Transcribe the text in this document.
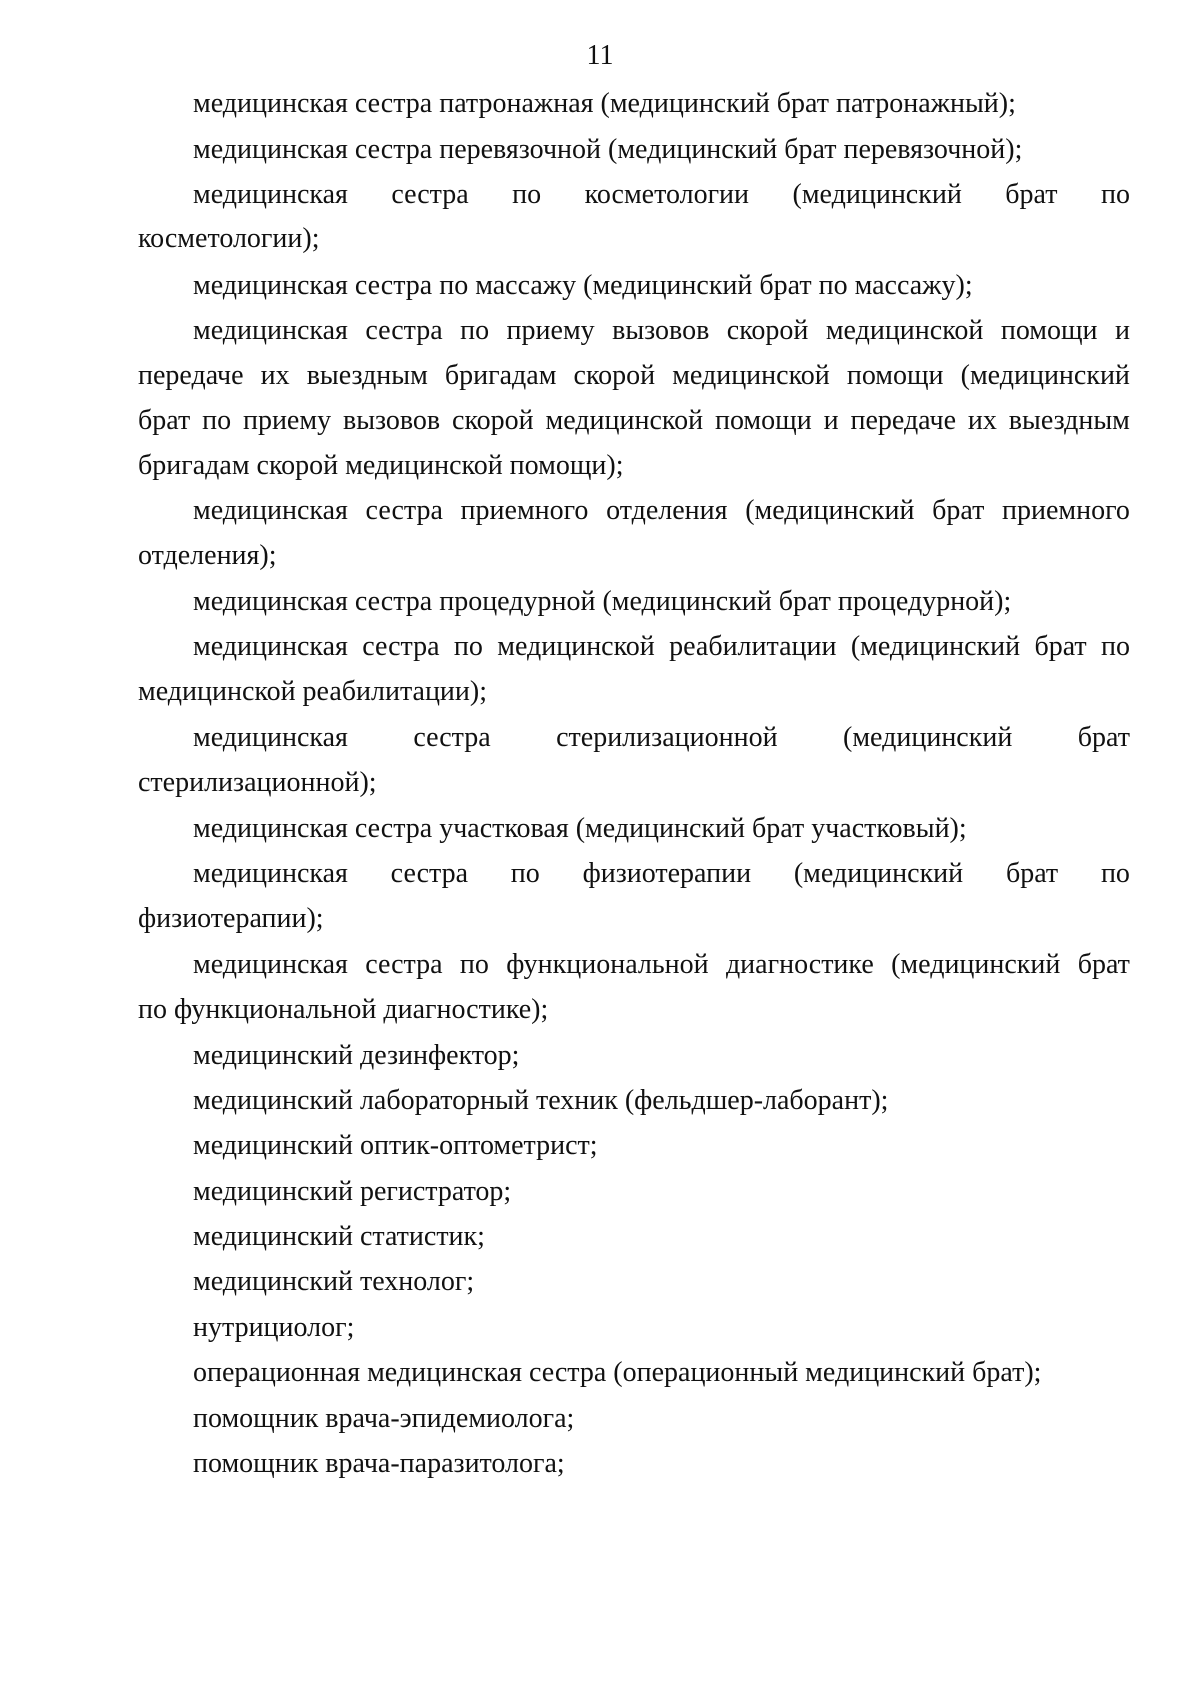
11
медицинская сестра патронажная (медицинский брат патронажный);
медицинская сестра перевязочной (медицинский брат перевязочной);
медицинская сестра по косметологии (медицинский брат по
косметологии);
медицинская сестра по массажу (медицинский брат по массажу);
медицинская сестра по приему вызовов скорой медицинской помощи и
передаче их выездным бригадам скорой медицинской помощи (медицинский
брат по приему вызовов скорой медицинской помощи и передаче их выездным
бригадам скорой медицинской помощи);
медицинская сестра приемного отделения (медицинский брат приемного
отделения);
медицинская сестра процедурной (медицинский брат процедурной);
медицинская сестра по медицинской реабилитации (медицинский брат по
медицинской реабилитации);
медицинская сестра стерилизационной (медицинский брат
стерилизационной);
медицинская сестра участковая (медицинский брат участковый);
медицинская сестра по физиотерапии (медицинский брат по
физиотерапии);
медицинская сестра по функциональной диагностике (медицинский брат
по функциональной диагностике);
медицинский дезинфектор;
медицинский лабораторный техник (фельдшер-лаборант);
медицинский оптик-оптометрист;
медицинский регистратор;
медицинский статистик;
медицинский технолог;
нутрициолог;
операционная медицинская сестра (операционный медицинский брат);
помощник врача-эпидемиолога;
помощник врача-паразитолога;
